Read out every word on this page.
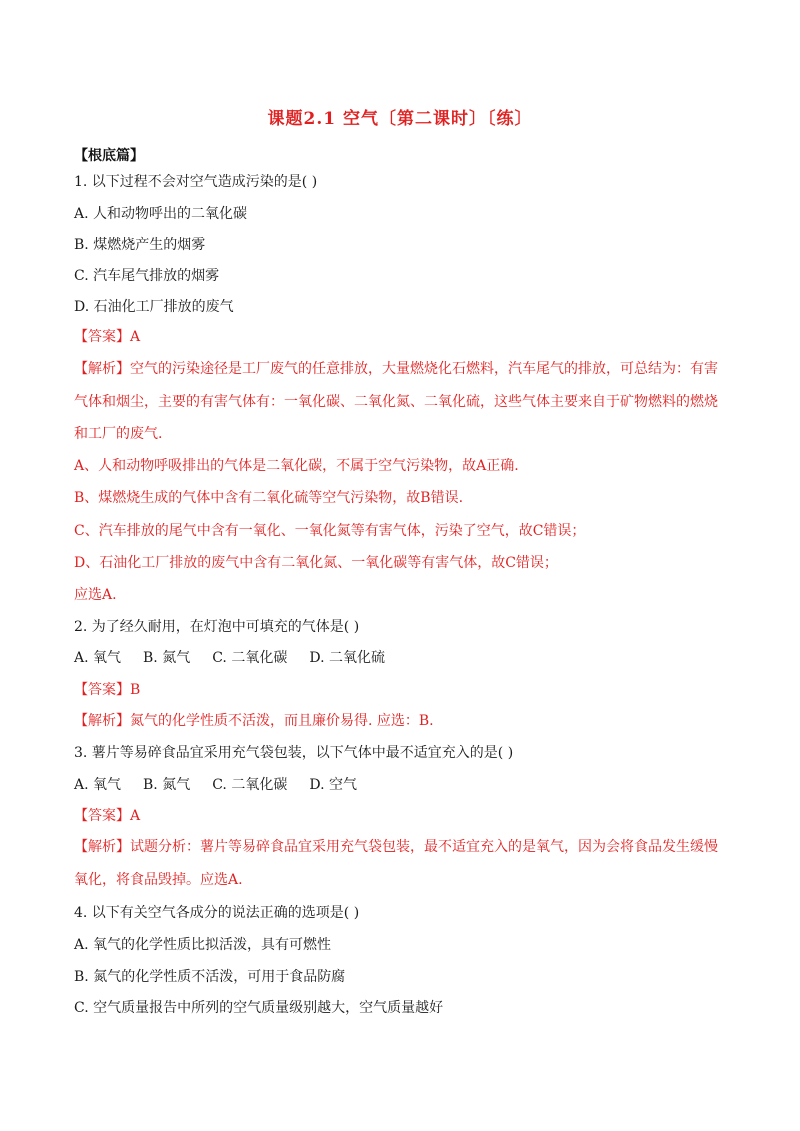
课题2.1 空气〔第二课时〕〔练〕
【根底篇】
1. 以下过程不会对空气造成污染的是( )
A. 人和动物呼出的二氧化碳
B. 煤燃烧产生的烟雾
C. 汽车尾气排放的烟雾
D. 石油化工厂排放的废气
【答案】A
【解析】空气的污染途径是工厂废气的任意排放，大量燃烧化石燃料，汽车尾气的排放，可总结为：有害
气体和烟尘，主要的有害气体有：一氧化碳、二氧化氮、二氧化硫，这些气体主要来自于矿物燃料的燃烧
和工厂的废气.
A、人和动物呼吸排出的气体是二氧化碳，不属于空气污染物，故A正确.
B、煤燃烧生成的气体中含有二氧化硫等空气污染物，故B错误.
C、汽车排放的尾气中含有一氧化、一氧化氮等有害气体，污染了空气，故C错误；
D、石油化工厂排放的废气中含有二氧化氮、一氧化碳等有害气体，故C错误；
应选A.
2. 为了经久耐用，在灯泡中可填充的气体是( )
A. 氧气 B. 氮气 C. 二氧化碳 D. 二氧化硫
【答案】B
【解析】氮气的化学性质不活泼，而且廉价易得. 应选：B.
3. 薯片等易碎食品宜采用充气袋包装，以下气体中最不适宜充入的是( )
A. 氧气 B. 氮气 C. 二氧化碳 D. 空气
【答案】A
【解析】试题分析：薯片等易碎食品宜采用充气袋包装，最不适宜充入的是氧气，因为会将食品发生缓慢
氧化，将食品毁掉。应选A.
4. 以下有关空气各成分的说法正确的选项是( )
A. 氧气的化学性质比拟活泼，具有可燃性
B. 氮气的化学性质不活泼，可用于食品防腐
C. 空气质量报告中所列的空气质量级别越大，空气质量越好
